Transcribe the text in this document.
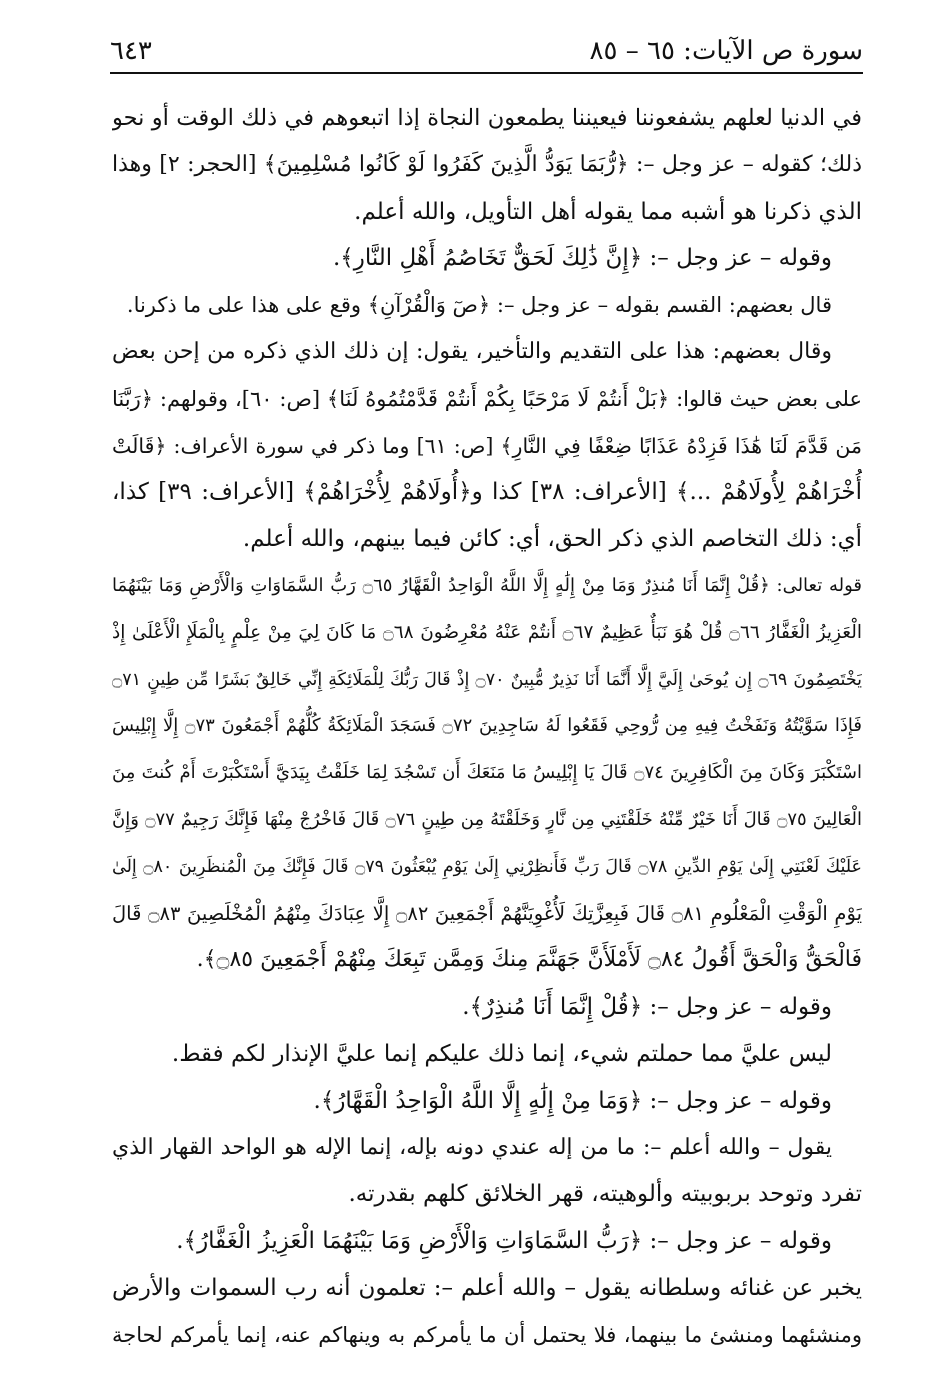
سورة ص الآيات: ٦٥ – ٨٥
٦٤٣
في الدنيا لعلهم يشفعوننا فيعيننا يطمعون النجاة إذا اتبعوهم في ذلك الوقت أو نحو
ذلك؛ كقوله – عز وجل –: ﴿رُّبَمَا يَوَدُّ الَّذِينَ كَفَرُوا لَوْ كَانُوا مُسْلِمِينَ﴾ [الحجر: ٢] وهذا
الذي ذكرنا هو أشبه مما يقوله أهل التأويل، والله أعلم.
وقوله – عز وجل –: ﴿إِنَّ ذَٰلِكَ لَحَقٌّ تَخَاصُمُ أَهْلِ النَّارِ﴾.
قال بعضهم: القسم بقوله – عز وجل –: ﴿صٓ وَالْقُرْآنِ﴾ وقع على هذا على ما ذكرنا.
وقال بعضهم: هذا على التقديم والتأخير، يقول: إن ذلك الذي ذكره من إحن بعض
على بعض حيث قالوا: ﴿بَلْ أَنتُمْ لَا مَرْحَبًا بِكُمْ أَنتُمْ قَدَّمْتُمُوهُ لَنَا﴾ [ص: ٦٠]، وقولهم: ﴿رَبَّنَا
مَن قَدَّمَ لَنَا هَٰذَا فَزِدْهُ عَذَابًا ضِعْفًا فِي النَّارِ﴾ [ص: ٦١] وما ذكر في سورة الأعراف: ﴿قَالَتْ
أُخْرَاهُمْ لِأُولَاهُمْ ...﴾ [الأعراف: ٣٨] كذا و﴿أُولَاهُمْ لِأُخْرَاهُمْ﴾ [الأعراف: ٣٩] كذا،
أي: ذلك التخاصم الذي ذكر الحق، أي: كائن فيما بينهم، والله أعلم.
قوله تعالى: ﴿قُلْ إِنَّمَا أَنَا مُنذِرٌ وَمَا مِنْ إِلَٰهٍ إِلَّا اللَّهُ الْوَاحِدُ الْقَهَّارُ ۝٦٥ رَبُّ السَّمَاوَاتِ وَالْأَرْضِ وَمَا بَيْنَهُمَا
الْعَزِيزُ الْغَفَّارُ ۝٦٦ قُلْ هُوَ نَبَأٌ عَظِيمٌ ۝٦٧ أَنتُمْ عَنْهُ مُعْرِضُونَ ۝٦٨ مَا كَانَ لِيَ مِنْ عِلْمٍ بِالْمَلَإِ الْأَعْلَىٰ إِذْ
يَخْتَصِمُونَ ۝٦٩ إِن يُوحَىٰ إِلَيَّ إِلَّا أَنَّمَا أَنَا نَذِيرٌ مُّبِينٌ ۝٧٠ إِذْ قَالَ رَبُّكَ لِلْمَلَائِكَةِ إِنِّي خَالِقٌ بَشَرًا مِّن طِينٍ ۝٧١
فَإِذَا سَوَّيْتُهُ وَنَفَخْتُ فِيهِ مِن رُّوحِي فَقَعُوا لَهُ سَاجِدِينَ ۝٧٢ فَسَجَدَ الْمَلَائِكَةُ كُلُّهُمْ أَجْمَعُونَ ۝٧٣ إِلَّا إِبْلِيسَ
اسْتَكْبَرَ وَكَانَ مِنَ الْكَافِرِينَ ۝٧٤ قَالَ يَا إِبْلِيسُ مَا مَنَعَكَ أَن تَسْجُدَ لِمَا خَلَقْتُ بِيَدَيَّ أَسْتَكْبَرْتَ أَمْ كُنتَ مِنَ
الْعَالِينَ ۝٧٥ قَالَ أَنَا خَيْرٌ مِّنْهُ خَلَقْتَنِي مِن نَّارٍ وَخَلَقْتَهُ مِن طِينٍ ۝٧٦ قَالَ فَاخْرُجْ مِنْهَا فَإِنَّكَ رَجِيمٌ ۝٧٧ وَإِنَّ
عَلَيْكَ لَعْنَتِي إِلَىٰ يَوْمِ الدِّينِ ۝٧٨ قَالَ رَبِّ فَأَنظِرْنِي إِلَىٰ يَوْمِ يُبْعَثُونَ ۝٧٩ قَالَ فَإِنَّكَ مِنَ الْمُنظَرِينَ ۝٨٠ إِلَىٰ
يَوْمِ الْوَقْتِ الْمَعْلُومِ ۝٨١ قَالَ فَبِعِزَّتِكَ لَأُغْوِيَنَّهُمْ أَجْمَعِينَ ۝٨٢ إِلَّا عِبَادَكَ مِنْهُمُ الْمُخْلَصِينَ ۝٨٣ قَالَ
فَالْحَقُّ وَالْحَقَّ أَقُولُ ۝٨٤ لَأَمْلَأَنَّ جَهَنَّمَ مِنكَ وَمِمَّن تَبِعَكَ مِنْهُمْ أَجْمَعِينَ ۝٨٥﴾.
وقوله – عز وجل –: ﴿قُلْ إِنَّمَا أَنَا مُنذِرٌ﴾.
ليس عليَّ مما حملتم شيء، إنما ذلك عليكم إنما عليَّ الإنذار لكم فقط.
وقوله – عز وجل –: ﴿وَمَا مِنْ إِلَٰهٍ إِلَّا اللَّهُ الْوَاحِدُ الْقَهَّارُ﴾.
يقول – والله أعلم –: ما من إله عندي دونه بإله، إنما الإله هو الواحد القهار الذي
تفرد وتوحد بربوبيته وألوهيته، قهر الخلائق كلهم بقدرته.
وقوله – عز وجل –: ﴿رَبُّ السَّمَاوَاتِ وَالْأَرْضِ وَمَا بَيْنَهُمَا الْعَزِيزُ الْغَفَّارُ﴾.
يخبر عن غنائه وسلطانه يقول – والله أعلم –: تعلمون أنه رب السموات والأرض
ومنشئهما ومنشئ ما بينهما، فلا يحتمل أن ما يأمركم به وينهاكم عنه، إنما يأمركم لحاجة
